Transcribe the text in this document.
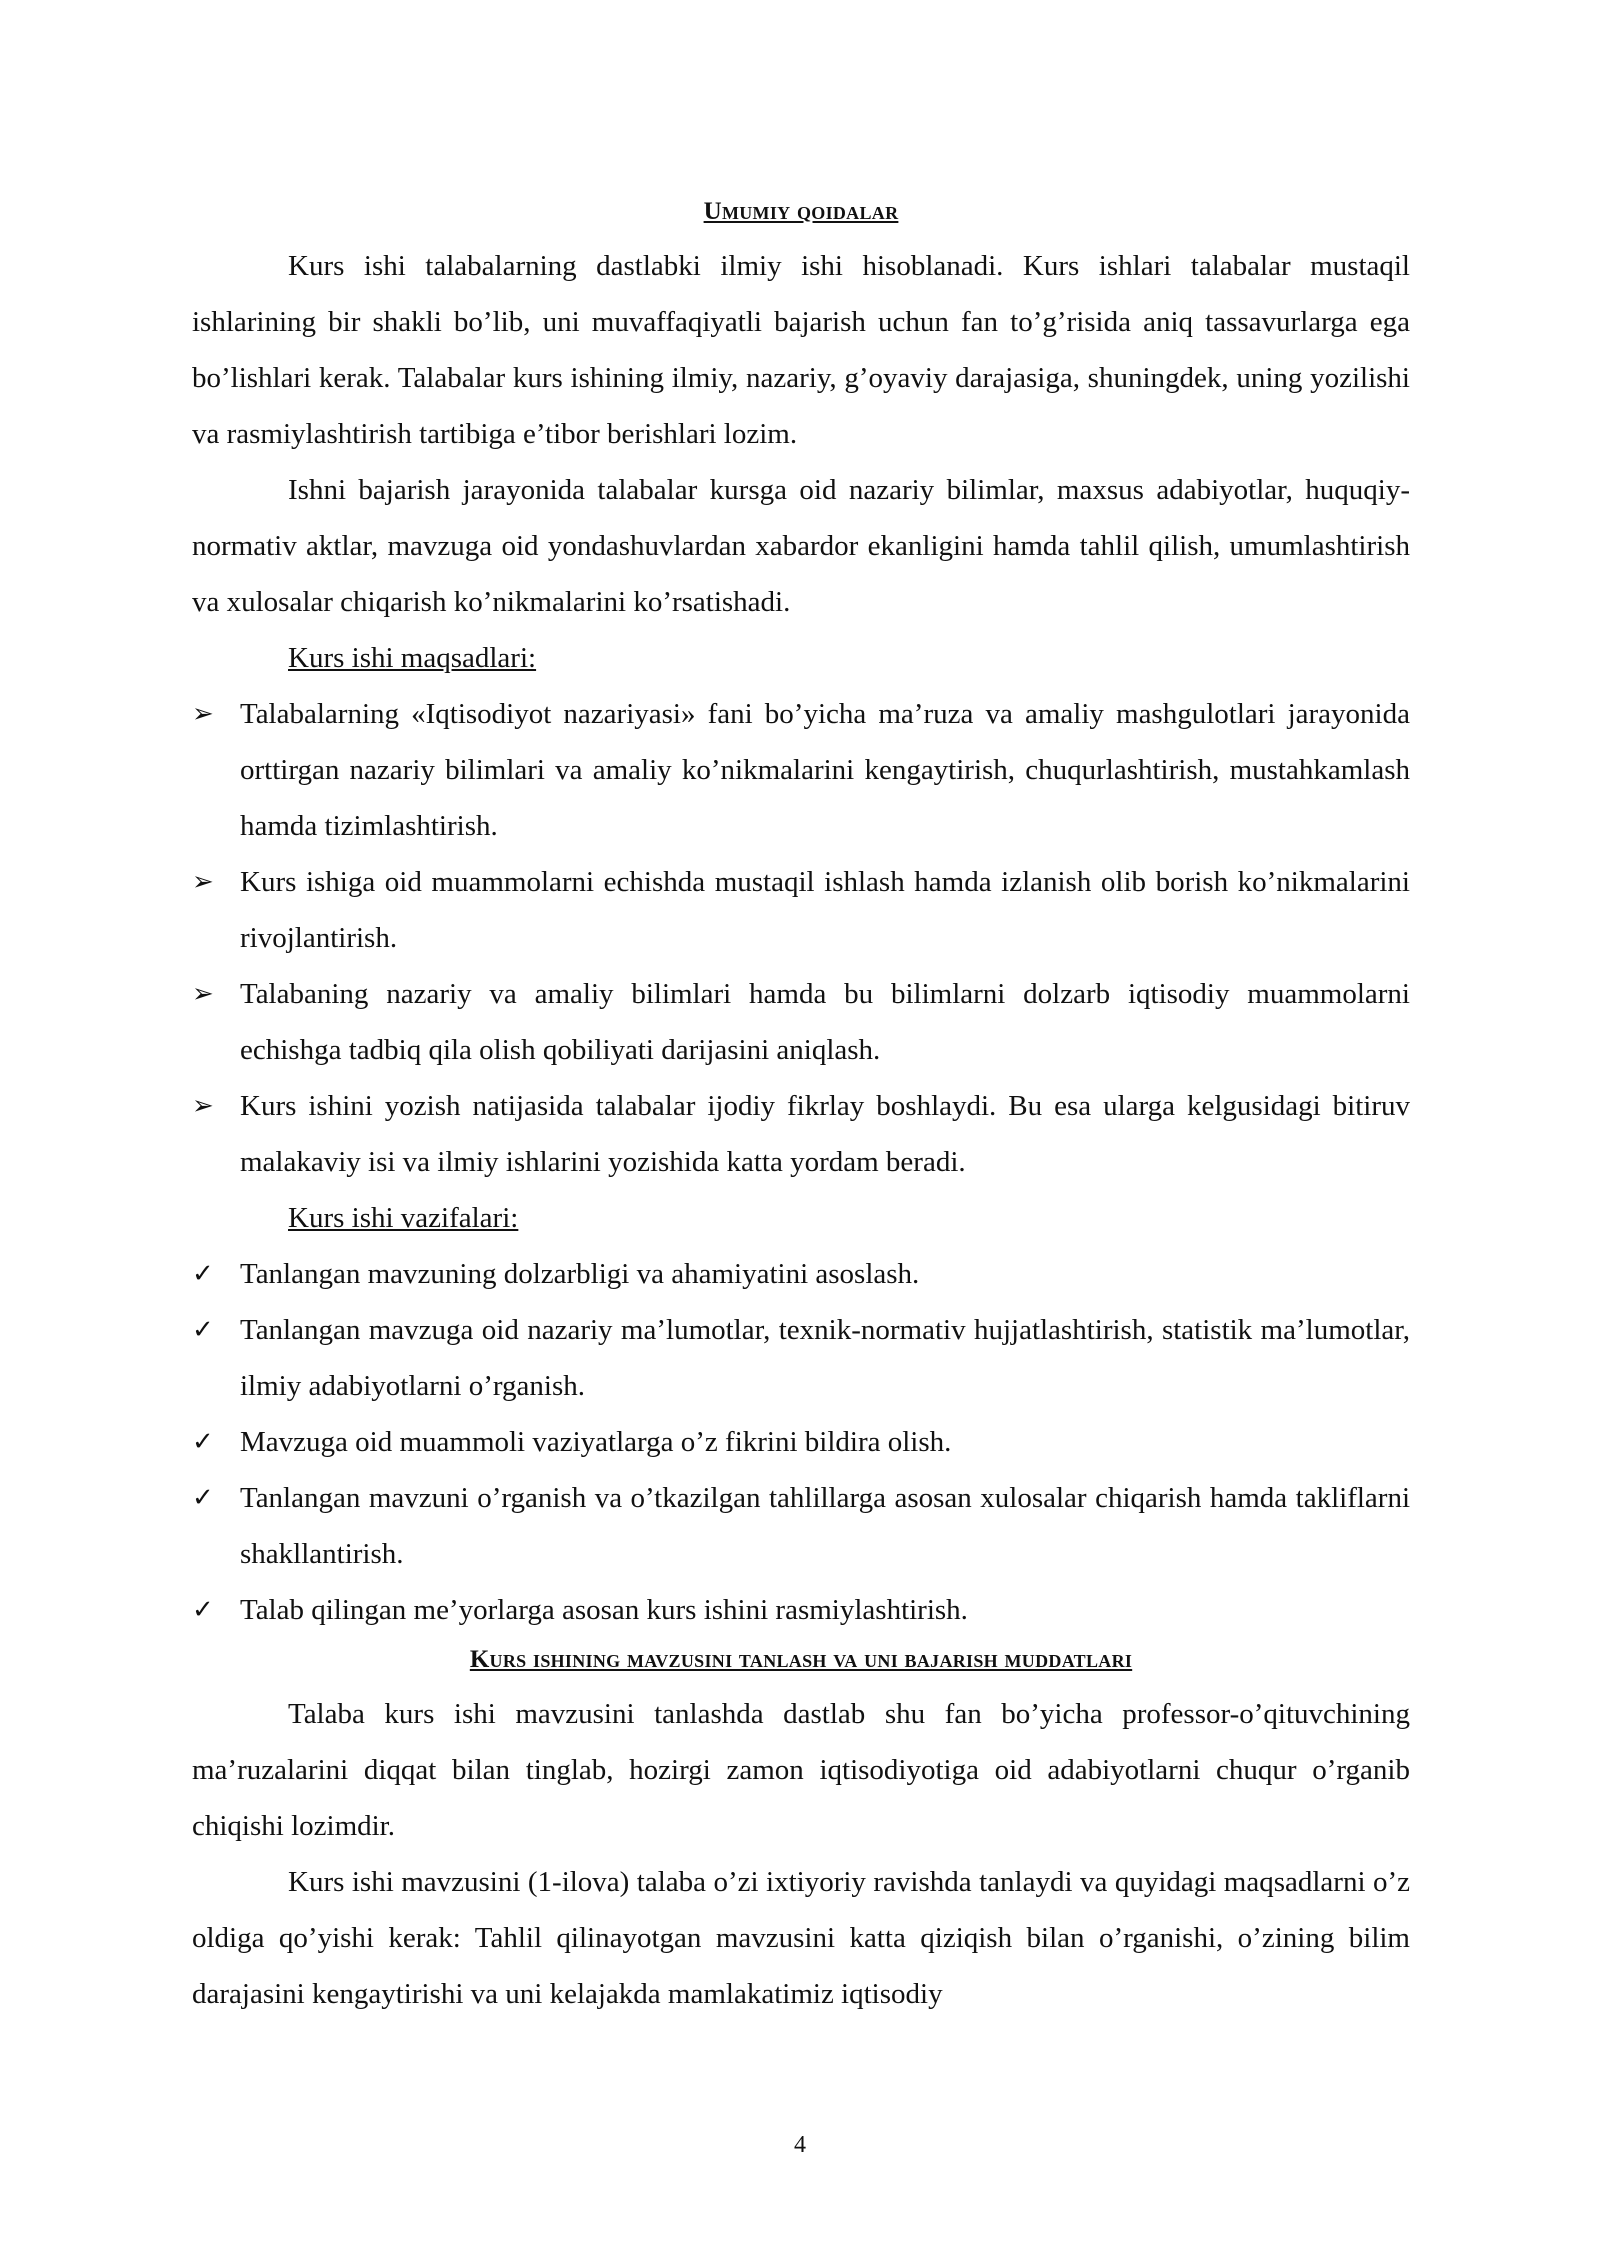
Umumiy qoidalar

Kurs ishi talabalarning dastlabki ilmiy ishi hisoblanadi. Kurs ishlari talabalar mustaqil ishlarining bir shakli bo’lib, uni muvaffaqiyatli bajarish uchun fan to’g’risida aniq tassavurlarga ega bo’lishlari kerak. Talabalar kurs ishining ilmiy, nazariy, g’oyaviy darajasiga, shuningdek, uning yozilishi va rasmiylashtirish tartibiga e’tibor berishlari lozim.

Ishni bajarish jarayonida talabalar kursga oid nazariy bilimlar, maxsus adabiyotlar, huquqiy-normativ aktlar, mavzuga oid yondashuvlardan xabardor ekanligini hamda tahlil qilish, umumlashtirish va xulosalar chiqarish ko’nikmalarini ko’rsatishadi.

Kurs ishi maqsadlari:
➢ Talabalarning «Iqtisodiyot nazariyasi» fani bo’yicha ma’ruza va amaliy mashgulotlari jarayonida orttirgan nazariy bilimlari va amaliy ko’nikmalarini kengaytirish, chuqurlashtirish, mustahkamlash hamda tizimlashtirish.
➢ Kurs ishiga oid muammolarni echishda mustaqil ishlash hamda izlanish olib borish ko’nikmalarini rivojlantirish.
➢ Talabaning nazariy va amaliy bilimlari hamda bu bilimlarni dolzarb iqtisodiy muammolarni echishga tadbiq qila olish qobiliyati darijasini aniqlash.
➢ Kurs ishini yozish natijasida talabalar ijodiy fikrlay boshlaydi. Bu esa ularga kelgusidagi bitiruv malakaviy isi va ilmiy ishlarini yozishida katta yordam beradi.
Kurs ishi vazifalari:
✓ Tanlangan mavzuning dolzarbligi va ahamiyatini asoslash.
✓ Tanlangan mavzuga oid nazariy ma’lumotlar, texnik-normativ hujjatlashtirish, statistik ma’lumotlar, ilmiy adabiyotlarni o’rganish.
✓ Mavzuga oid muammoli vaziyatlarga o’z fikrini bildira olish.
✓ Tanlangan mavzuni o’rganish va o’tkazilgan tahlillarga asosan xulosalar chiqarish hamda takliflarni shakllantirish.
✓ Talab qilingan me’yorlarga asosan kurs ishini rasmiylashtirish.
Kurs ishining mavzusini tanlash va uni bajarish muddatlari

Talaba kurs ishi mavzusini tanlashda dastlab shu fan bo’yicha professor-o’qituvchining ma’ruzalarini diqqat bilan tinglab, hozirgi zamon iqtisodiyotiga oid adabiyotlarni chuqur o’rganib chiqishi lozimdir.

Kurs ishi mavzusini (1-ilova) talaba o’zi ixtiyoriy ravishda tanlaydi va quyidagi maqsadlarni o’z oldiga qo’yishi kerak: Tahlil qilinayotgan mavzusini katta qiziqish bilan o’rganishi, o’zining bilim darajasini kengaytirishi va uni kelajakda mamlakatimiz iqtisodiy

4
